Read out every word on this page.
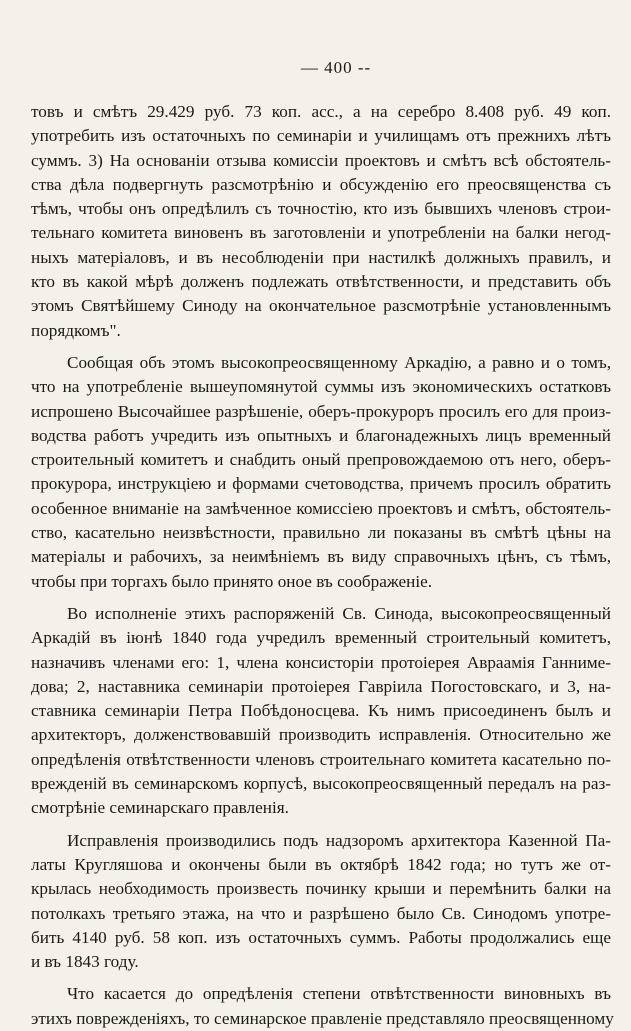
— 400 --
товъ и смѣтъ 29.429 руб. 73 коп. асс., а на серебро 8.408 руб. 49 коп.
употребить изъ остаточныхъ по семинаріи и училищамъ отъ прежнихъ лѣтъ
суммъ. 3) На основаніи отзыва комиссіи проектовъ и смѣтъ всѣ обстоятель-
ства дѣла подвергнуть разсмотрѣнію и обсужденію его преосвященства съ
тѣмъ, чтобы онъ опредѣлилъ съ точностію, кто изъ бывшихъ членовъ строи-
тельнаго комитета виновенъ въ заготовленіи и употребленіи на балки негод-
ныхъ матеріаловъ, и въ несоблюденіи при настилкѣ должныхъ правилъ, и
кто въ какой мѣрѣ долженъ подлежать отвѣтственности, и представить объ
этомъ Святѣйшему Синоду на окончательное разсмотрѣніе установленнымъ
порядкомъ".
Сообщая объ этомъ высокопреосвященному Аркадію, а равно и о томъ,
что на употребленіе вышеупомянутой суммы изъ экономическихъ остатковъ
испрошено Высочайшее разрѣшеніе, оберъ-прокуроръ просилъ его для произ-
водства работъ учредить изъ опытныхъ и благонадежныхъ лицъ временный
строительный комитетъ и снабдить оный препровождаемою отъ него, оберъ-
прокурора, инструкціею и формами счетоводства, причемъ просилъ обратить
особенное вниманіе на замѣченное комиссіею проектовъ и смѣтъ, обстоятель-
ство, касательно неизвѣстности, правильно ли показаны въ смѣтѣ цѣны на
матеріалы и рабочихъ, за неимѣніемъ въ виду справочныхъ цѣнъ, съ тѣмъ,
чтобы при торгахъ было принято оное въ соображеніе.
Во исполненіе этихъ распоряженій Св. Синода, высокопреосвященный
Аркадій въ іюнѣ 1840 года учредилъ временный строительный комитетъ,
назначивъ членами его: 1, члена консисторіи протоіерея Авраамія Ганнимe-
дова; 2, наставника семинаріи протоіерея Гавріила Погостовскаго, и 3, на-
ставника семинаріи Петра Побѣдоносцева. Къ нимъ присоединенъ былъ и
архитекторъ, долженствовавшій производить исправленія. Относительно же
опредѣленія отвѣтственности членовъ строительнаго комитета касательно по-
врежденій въ семинарскомъ корпусѣ, высокопреосвященный передалъ на раз-
смотрѣніе семинарскаго правленія.
Исправленія производились подъ надзоромъ архитектора Казенной Па-
латы Кругляшова и окончены были въ октябрѣ 1842 года; но тутъ же от-
крылась необходимость произвесть починку крыши и перемѣнить балки на
потолкахъ третьяго этажа, на что и разрѣшено было Св. Синодомъ употре-
бить 4140 руб. 58 коп. изъ остаточныхъ суммъ. Работы продолжались еще
и въ 1843 году.
Что касается до опредѣленія степени отвѣтственности виновныхъ въ
этихъ поврежденіяхъ, то семинарское правленіе представляло преосвященному
